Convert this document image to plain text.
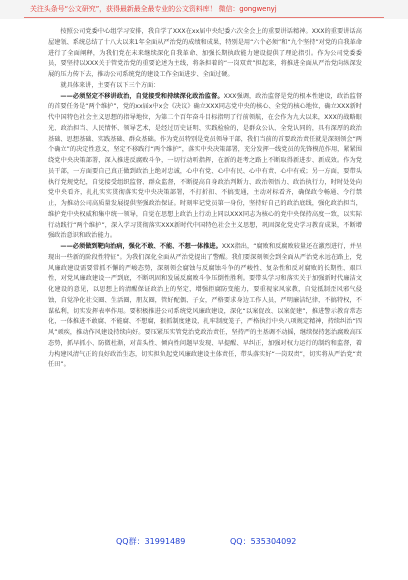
关注头条号“公文研究”，获得最新最全最专业的公文资料库！ 微信：gongwenyj

按照公司党委中心组学习安排，我自学了XXX在xx届中央纪委六次全会上的重要讲话精神。XXX的重要讲话高屋建瓴、系统总结了十八大以来1年全面从严治党的成绩和成果，特别是用“六个必须”和“九个坚持”对党的自我革命进行了全面阐释，为我们党在未来继续深化自我革命、加强长期执政能力建设提供了理论指引。作为公司党委委员，要坚持以XXX关于管党治党的重要论述为主线，将条担着的“一岗双责”担起来，将推进全面从严治党向纵深发展的压力传下去，推动公司系统党的建设工作全面进步、全面过硬。

就具体来讲，主要有以下三个方面：

——必须坚定不移讲政治，自觉接受和持续深化政治监督。XXX强调，政治监督是党的根本性建设，政治监督的首要任务是“两个维护”，党的xx届x中x会《决议》确立XXX同志党中央的核心、全党的核心地位，确立XXX新时代中国特色社会主义思想的指导地位，为第二个百年奋斗目标指明了行前领航，在会作为九大以来，XXX的战略眼光、政治担当、人民情怀、领导艺术，是经过历史证明、实践检验的，是群众公认、全党认同的，具有深厚的政治基础、思想基础、实践基础、群众基础。作为党员特别是党员领导干部，我们当前的首要政治责任就是深刻领会“两个确立”的决定性意义，坚定不移践行“两个维护”，落实中央决策部署，充分发挥一线党员的先锋模范作用，紧紧围绕党中央决策部署，深入推进反腐败斗争，一切行动听指挥，在新的赶考之路上不断取得新进步、新成效。作为党员干部，一方面要自己真正做到政治上绝对忠诚，心中有党、心中有民、心中有责、心中有戒；另一方面，要带头执行党规党纪，自觉接受组织监督、群众监督，不断提高自身政治判断力、政治领悟力、政治执行力，时时处处向党中央看齐，扎扎实实贯彻落实党中央决策部署，不打折扣、不搞变通，主动对标看齐，确保政令畅通、令行禁止，为推动公司高质量发展提供坚强政治保证。时刻牢记党员第一身份，坚持好自己的政治底线，强化政治担当，维护党中央权威和集中统一领导，自觉在思想上政治上行动上同以XXX同志为核心的党中央保持高度一致，以实际行动践行“两个维护”，深入学习贯彻落实XXX新时代中国特色社会主义思想，巩固深化党史学习教育成果，不断增强政治意识和政治能力。

——必须做到靶向治病，强化不敢、不能、不想一体推进。XXX指出，“腐败和反腐败较量还在激烈进行，并呈现出一些新的阶段性特征”。为我们深化全面从严治党提出了警醒。我们要深刻领会到全面从严治党永远在路上，党风廉政建设需要常抓不懈的严峻态势，深刻领会腐蚀与反腐蚀斗争的严峻性、复杂性和反对腐败的长期性、艰巨性，对党风廉政建设一严到底，不断巩固和发展反腐败斗争压倒性胜利。要带头学习和落实关于加强新时代廉洁文化建设的意见，以思想上的清醒保证政治上的坚定，增强拒腐防变能力，要重视家风家教，自觉抵制歪风邪气侵蚀，自觉净化社交圈、生活圈，朋友圈，管好配偶、子女，严格要求身边工作人员，严明廉洁纪律，不搞特权，不谋私利，切实发挥表率作用。要积极推进公司系统党风廉政建设，深化“以案促改、以案促建”，推进警示教育常态化，一体推进不敢腐、不能腐、不想腐，狠抓制度建设，扎牢制度笼子，严格执行中央八项规定精神，持续纠治“四风”顽疾，推动作风建设持续向好。要压紧压实管党治党政治责任，坚持严的主基调不动摇，继续保持惩治腐败高压态势，抓早抓小、防微杜渐，对苗头性、倾向性问题早发现、早提醒、早纠正，加强对权力运行的制约和监督，着力构建风清气正的良好政治生态，切实担负起党风廉政建设主体责任，带头落实好“一岗双责”，切实将从严治党“责任田”。

QQ群：31991489	QQ：535304092
